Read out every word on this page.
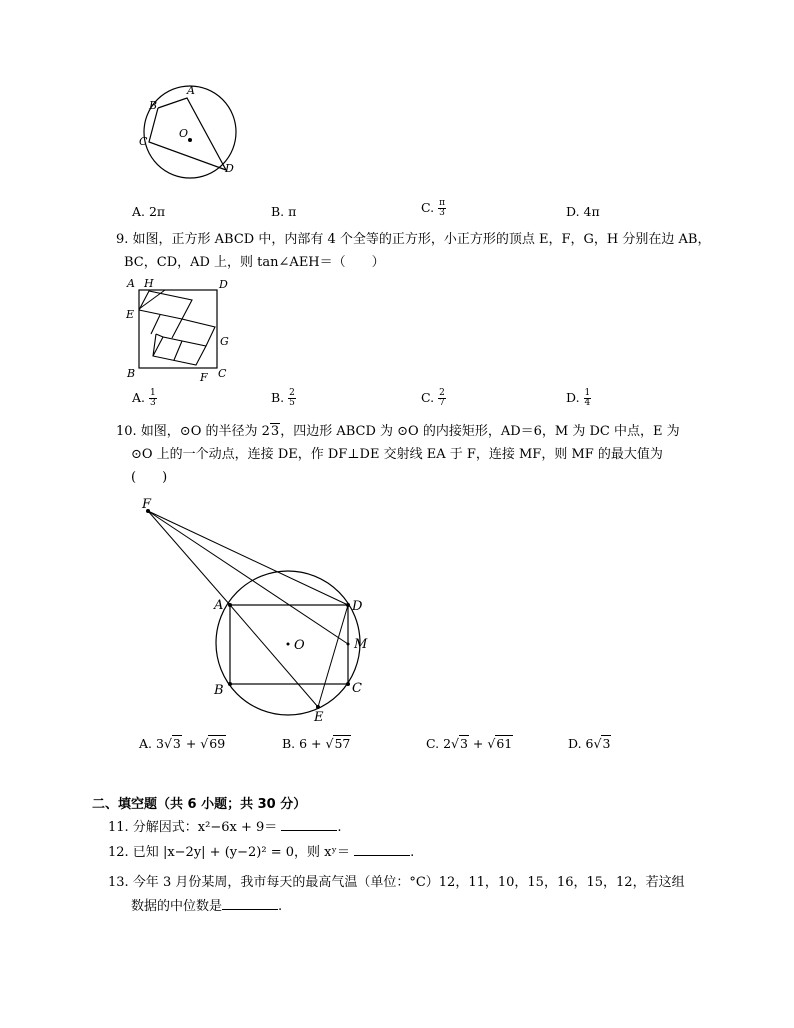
B
A
C
D
O
A. 2π	B. π	C. $\frac{\pi}{3}$	D. 4π
9. 如图，正方形 ABCD 中，内部有 4 个全等的正方形，小正方形的顶点 E，F，G，H 分别在边 AB，
BC，CD，AD 上，则 tan∠AEH＝（　　）
A H	D
E
G
B	F C
A. $\frac{1}{3}$	B. $\frac{2}{5}$	C. $\frac{2}{7}$	D. $\frac{1}{4}$
10. 如图，⊙O 的半径为 23，四边形 ABCD 为 ⊙O 的内接矩形，AD＝6，M 为 DC 中点，E 为
⊙O 上的一个动点，连接 DE，作 DF⊥DE 交射线 EA 于 F，连接 MF，则 MF 的最大值为
(　　)
F
A	D
O	M
B	C
E
A. 3√3 + √69	B. 6 + √57	C. 2√3 + √61	D. 6√3
二、填空题（共 6 小题；共 30 分）
11. 分解因式：x²−6x + 9＝	.
12. 已知 |x−2y| + (y−2)² = 0，则 xʸ＝	.
13. 今年 3 月份某周，我市每天的最高气温（单位：°C）12，11，10，15，16，15，12，若这组
数据的中位数是	.
